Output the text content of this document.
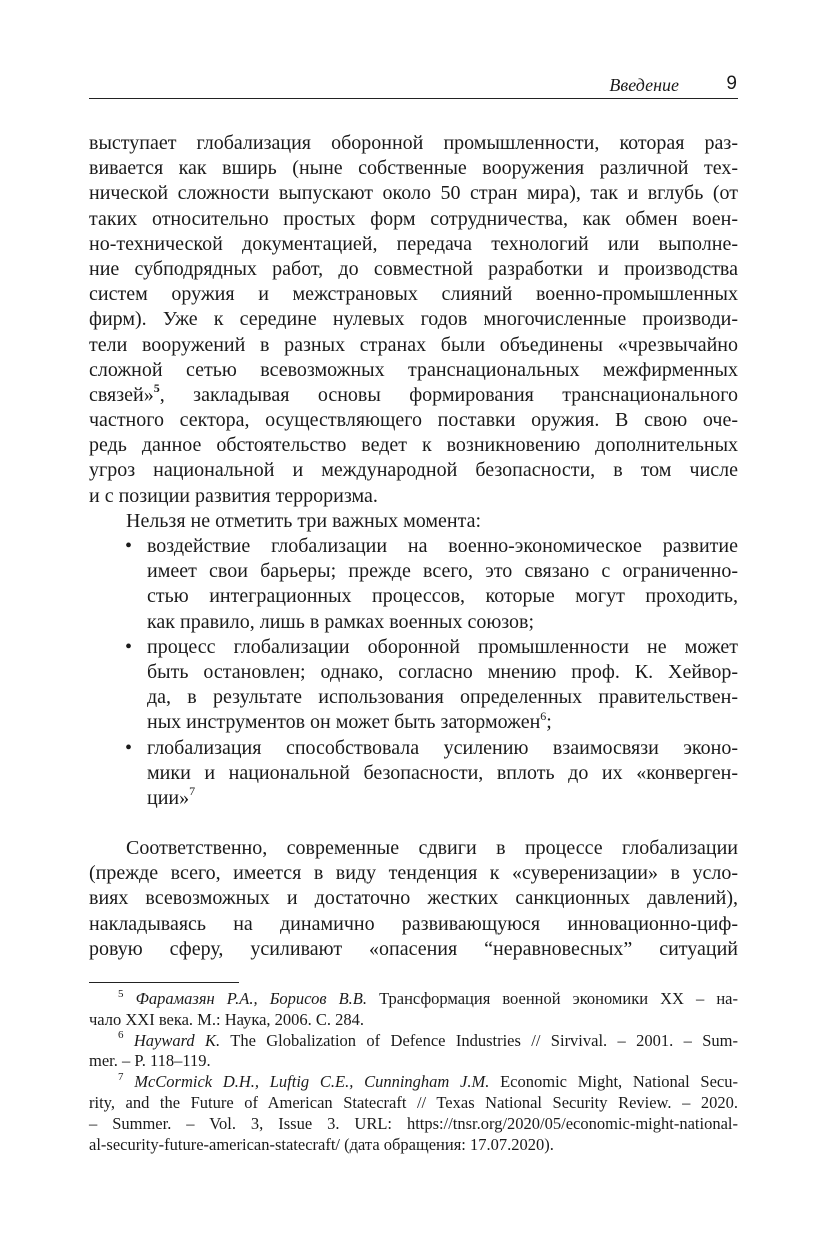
Введение 9
выступает глобализация оборонной промышленности, которая раз-
вивается как вширь (ныне собственные вооружения различной тех-
нической сложности выпускают около 50 стран мира), так и вглубь (от
таких относительно простых форм сотрудничества, как обмен воен-
но-технической документацией, передача технологий или выполне-
ние субподрядных работ, до совместной разработки и производства
систем оружия и межстрановых слияний военно-промышленных
фирм). Уже к середине нулевых годов многочисленные производи-
тели вооружений в разных странах были объединены «чрезвычайно
сложной сетью всевозможных транснациональных межфирменных
связей»$^5$, закладывая основы формирования транснационального
частного сектора, осуществляющего поставки оружия. В свою оче-
редь данное обстоятельство ведет к возникновению дополнительных
угроз национальной и международной безопасности, в том числе
и с позиции развития терроризма.
Нельзя не отметить три важных момента:
• воздействие глобализации на военно-экономическое развитие
имеет свои барьеры; прежде всего, это связано с ограниченно-
стью интеграционных процессов, которые могут проходить,
как правило, лишь в рамках военных союзов;
• процесс глобализации оборонной промышленности не может
быть остановлен; однако, согласно мнению проф. К. Хейвор-
да, в результате использования определенных правительствен-
ных инструментов он может быть заторможен$^6$;
• глобализация способствовала усилению взаимосвязи эконо-
мики и национальной безопасности, вплоть до их «конверген-
ции»$^7$
Соответственно, современные сдвиги в процессе глобализации
(прежде всего, имеется в виду тенденция к «суверенизации» в усло-
виях всевозможных и достаточно жестких санкционных давлений),
накладываясь на динамично развивающуюся инновационно-циф-
ровую сферу, усиливают «опасения “неравновесных” ситуаций
$^5$ Фарамазян Р.А., Борисов В.В. Трансформация военной экономики XX – на-
чало XXI века. М.: Наука, 2006. С. 284.
$^6$ Hayward K. The Globalization of Defence Industries // Sirvival. – 2001. – Sum-
mer. – P. 118–119.
$^7$ McCormick D.H., Luftig C.E., Cunningham J.M. Economic Might, National Secu-
rity, and the Future of American Statecraft // Texas National Security Review. – 2020.
– Summer. – Vol. 3, Issue 3. URL: https://tnsr.org/2020/05/economic-might-national-
al-security-future-american-statecraft/ (дата обращения: 17.07.2020).
